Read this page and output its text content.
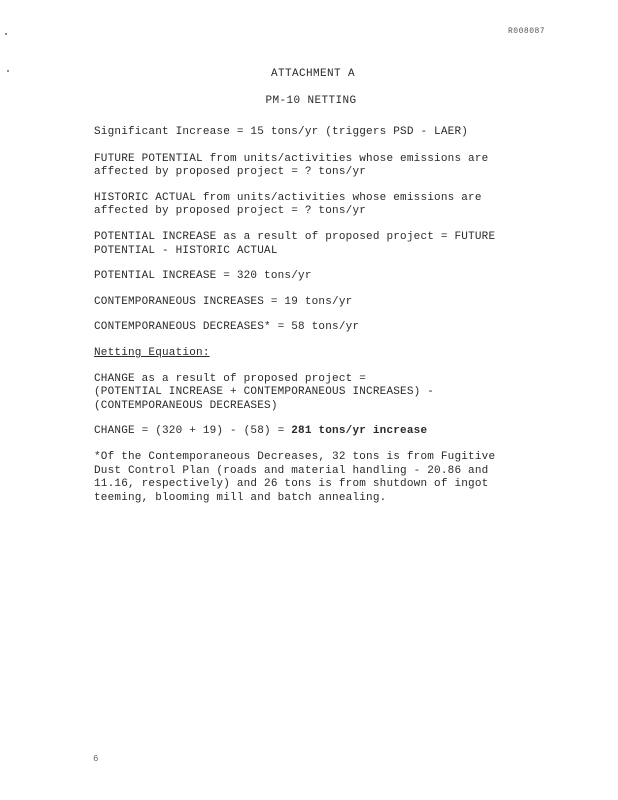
R008087
ATTACHMENT A
PM-10 NETTING

Significant Increase = 15 tons/yr (triggers PSD - LAER)

FUTURE POTENTIAL from units/activities whose emissions are
affected by proposed project = ? tons/yr

HISTORIC ACTUAL from units/activities whose emissions are
affected by proposed project = ? tons/yr

POTENTIAL INCREASE as a result of proposed project = FUTURE
POTENTIAL - HISTORIC ACTUAL

POTENTIAL INCREASE = 320 tons/yr

CONTEMPORANEOUS INCREASES = 19 tons/yr

CONTEMPORANEOUS DECREASES* = 58 tons/yr

Netting Equation:

CHANGE as a result of proposed project =
(POTENTIAL INCREASE + CONTEMPORANEOUS INCREASES) -
(CONTEMPORANEOUS DECREASES)

CHANGE = (320 + 19) - (58) = 281 tons/yr increase

*Of the Contemporaneous Decreases, 32 tons is from Fugitive
Dust Control Plan (roads and material handling - 20.86 and
11.16, respectively) and 26 tons is from shutdown of ingot
teeming, blooming mill and batch annealing.

6
